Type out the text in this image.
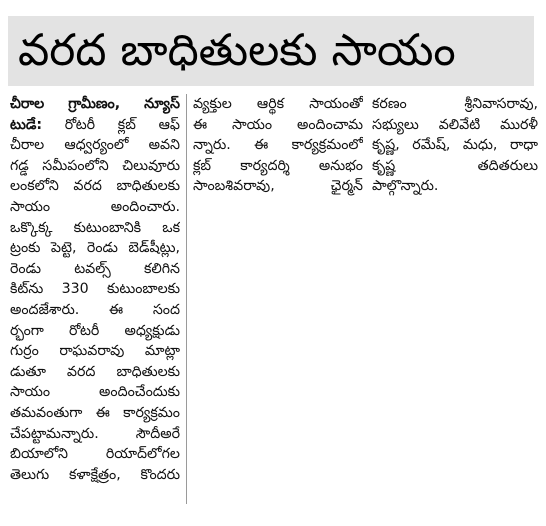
వరద బాధితులకు సాయం
చీరాల గ్రామీణం, న్యూస్
టుడే: రోటరీ క్లబ్ ఆఫ్
చీరాల ఆధ్వర్యంలో అవని
గడ్డ సమీపంలోని చిలువూరు
లంకలోని వరద బాధితులకు
సాయం అందించారు.
ఒక్కొక్క కుటుంబానికి ఒక
ట్రంకు పెట్టె, రెండు బెడ్‌షీట్లు,
రెండు టవల్స్ కలిగిన
కిట్‌ను 330 కుటుంబాలకు
అందజేశారు. ఈ సంద
ర్భంగా రోటరీ అధ్యక్షుడు
గుర్రం రాఘవరావు మాట్లా
డుతూ వరద బాధితులకు
సాయం అందించేందుకు
తమవంతుగా ఈ కార్యక్రమం
చేపట్టామన్నారు. సౌదీఅరే
బియాలోని రియాద్‌లోగల
తెలుగు కళాక్షేత్రం, కొందరు
వ్యక్తుల ఆర్థిక సాయంతో
ఈ సాయం అందించామ
న్నారు. ఈ కార్యక్రమంలో
క్లబ్ కార్యదర్శి అనుభం
సాంబశివరావు, ఛైర్మన్
కరణం శ్రీనివాసరావు,
సభ్యులు వలివేటి మురళీ
కృష్ణ, రమేష్, మధు, రాధా
కృష్ణ తదితరులు
పాల్గొన్నారు.
